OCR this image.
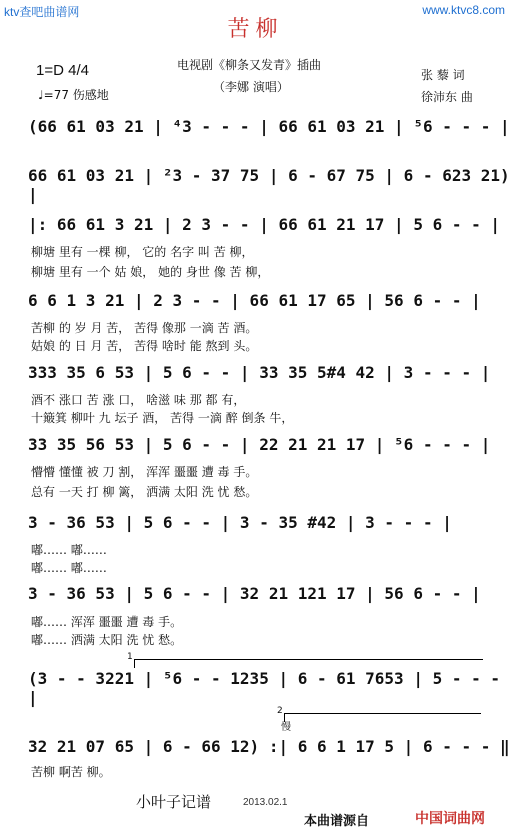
ktv查吧曲谱网	www.ktvc8.com
苦柳
1=D 4/4
♩=77 伤感地
电视剧《柳条又发青》插曲
（李娜 演唱）
张 藜 词
徐沛东 曲
(66 61 03 21 | ⁴3 - - - | 66 61 03 21 | ⁵6 - - - |
66 61 03 21 | ²3 - 37 75 | 6 - 67 75 | 6 - 623 21) |
|: 66 61 3 21 | 2 3 - - | 66 61 21 17 | 5 6 - - |
6 6 1 3 21 | 2 3 - - | 66 61 17 65 | 56 6 - - |
333 35 6 53 | 5 6 - - | 33 35 5#4 42 | 3 - - - |
33 35 56 53 | 5 6 - - | 22 21 21 17 | ⁵6 - - - |
3 - 36 53 | 5 6 - - | 3 - 35 #42 | 3 - - - |
3 - 36 53 | 5 6 - - | 32 21 121 17 | 56 6 - - |
(3 - - 3221 | ⁵6 - - 1235 | 6 - 61 7653 | 5 - - - |
32 21 07 65 | 6 - 66 12) :| 6 6 1 17 5 | 6 - - - ‖
柳塘 里有 一棵 柳， 它的 名字 叫 苦 柳，
柳塘 里有 一个 姑 娘， 她的 身世 像 苦 柳，
苦柳 的 岁 月 苦， 苦得 像那 一滴 苦 酒。
姑娘 的 日 月 苦， 苦得 啥时 能 熬到 头。
酒不 涨口 苦 涨 口， 啥滋 味 那 都 有，
十簸箕 柳叶 九 坛子 酒， 苦得 一滴 醉 倒条 牛，
懵懵 懂懂 被 刀 割， 浑浑 噩噩 遭 毒 手。
总有 一天 打 柳 篱， 洒满 太阳 洗 忧 愁。
嘟…… 嘟……
嘟…… 嘟……
嘟…… 浑浑 噩噩 遭 毒 手。
嘟…… 洒满 太阳 洗 忧 愁。
苦柳 啊苦 柳。
慢
1
2
小叶子记谱	2013.02.1
本曲谱源自	中国词曲网
